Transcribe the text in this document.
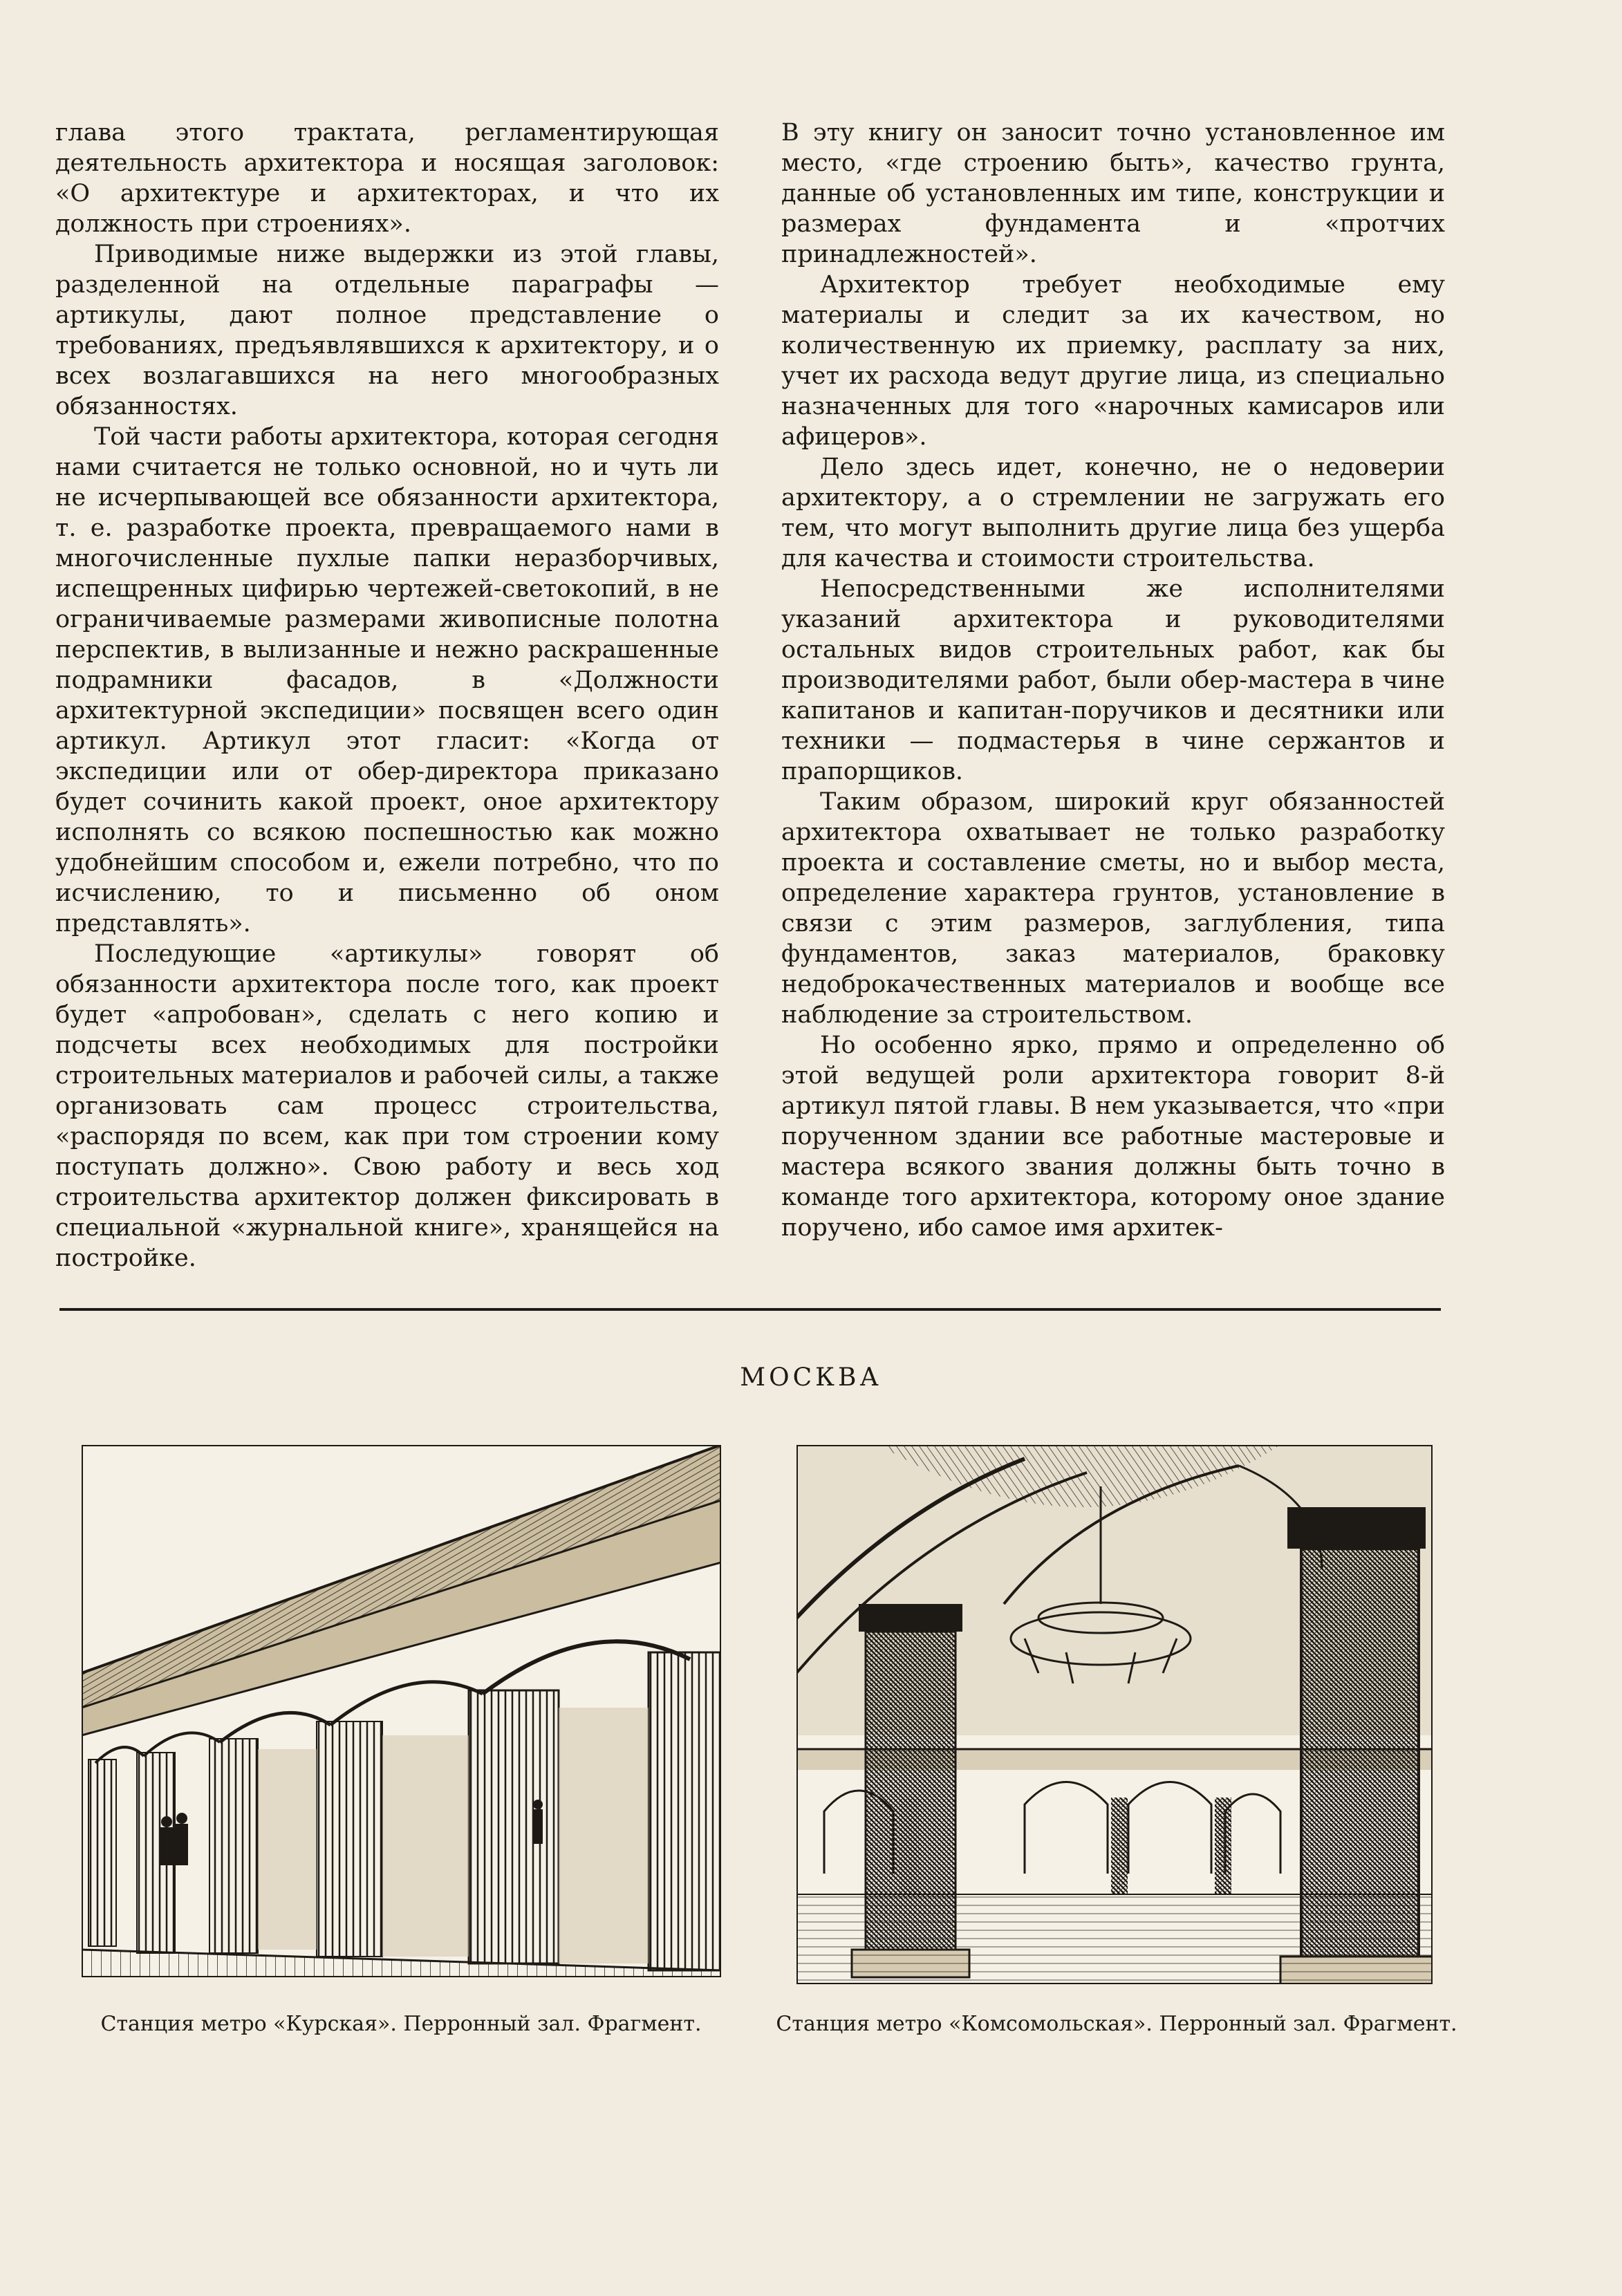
глава этого трактата, регламентирующая деятельность архитектора и носящая заголовок: «О архитектуре и архитекторах, и что их должность при строениях».

Приводимые ниже выдержки из этой главы, разделенной на отдельные параграфы — артикулы, дают полное представление о требованиях, предъявлявшихся к архитектору, и о всех возлагавшихся на него многообразных обязанностях.

Той части работы архитектора, которая сегодня нами считается не только основной, но и чуть ли не исчерпывающей все обязанности архитектора, т. е. разработке проекта, превращаемого нами в многочисленные пухлые папки неразборчивых, испещренных цифирью чертежей-светокопий, в не ограничиваемые размерами живописные полотна перспектив, в вылизанные и нежно раскрашенные подрамники фасадов, в «Должности архитектурной экспедиции» посвящен всего один артикул. Артикул этот гласит: «Когда от экспедиции или от обер-директора приказано будет сочинить какой проект, оное архитектору исполнять со всякою поспешностью как можно удобнейшим способом и, ежели потребно, что по исчислению, то и письменно об оном представлять».

Последующие «артикулы» говорят об обязанности архитектора после того, как проект будет «апробован», сделать с него копию и подсчеты всех необходимых для постройки строительных материалов и рабочей силы, а также организовать сам процесс строительства, «распорядя по всем, как при том строении кому поступать должно». Свою работу и весь ход строительства архитектор должен фиксировать в специальной «журнальной книге», хранящейся на постройке.

В эту книгу он заносит точно установленное им место, «где строению быть», качество грунта, данные об установленных им типе, конструкции и размерах фундамента и «протчих принадлежностей».

Архитектор требует необходимые ему материалы и следит за их качеством, но количественную их приемку, расплату за них, учет их расхода ведут другие лица, из специально назначенных для того «нарочных камисаров или афицеров».

Дело здесь идет, конечно, не о недоверии архитектору, а о стремлении не загружать его тем, что могут выполнить другие лица без ущерба для качества и стоимости строительства.

Непосредственными же исполнителями указаний архитектора и руководителями остальных видов строительных работ, как бы производителями работ, были обер-мастера в чине капитанов и капитан-поручиков и десятники или техники — подмастерья в чине сержантов и прапорщиков.

Таким образом, широкий круг обязанностей архитектора охватывает не только разработку проекта и составление сметы, но и выбор места, определение характера грунтов, установление в связи с этим размеров, заглубления, типа фундаментов, заказ материалов, браковку недоброкачественных материалов и вообще все наблюдение за строительством.

Но особенно ярко, прямо и определенно об этой ведущей роли архитектора говорит 8-й артикул пятой главы. В нем указывается, что «при порученном здании все работные мастеровые и мастера всякого звания должны быть точно в команде того архитектора, которому оное здание поручено, ибо самое имя архитек-

МОСКВА
Станция метро «Курская». Перронный зал. Фрагмент.	Станция метро «Комсомольская». Перронный зал. Фрагмент.
